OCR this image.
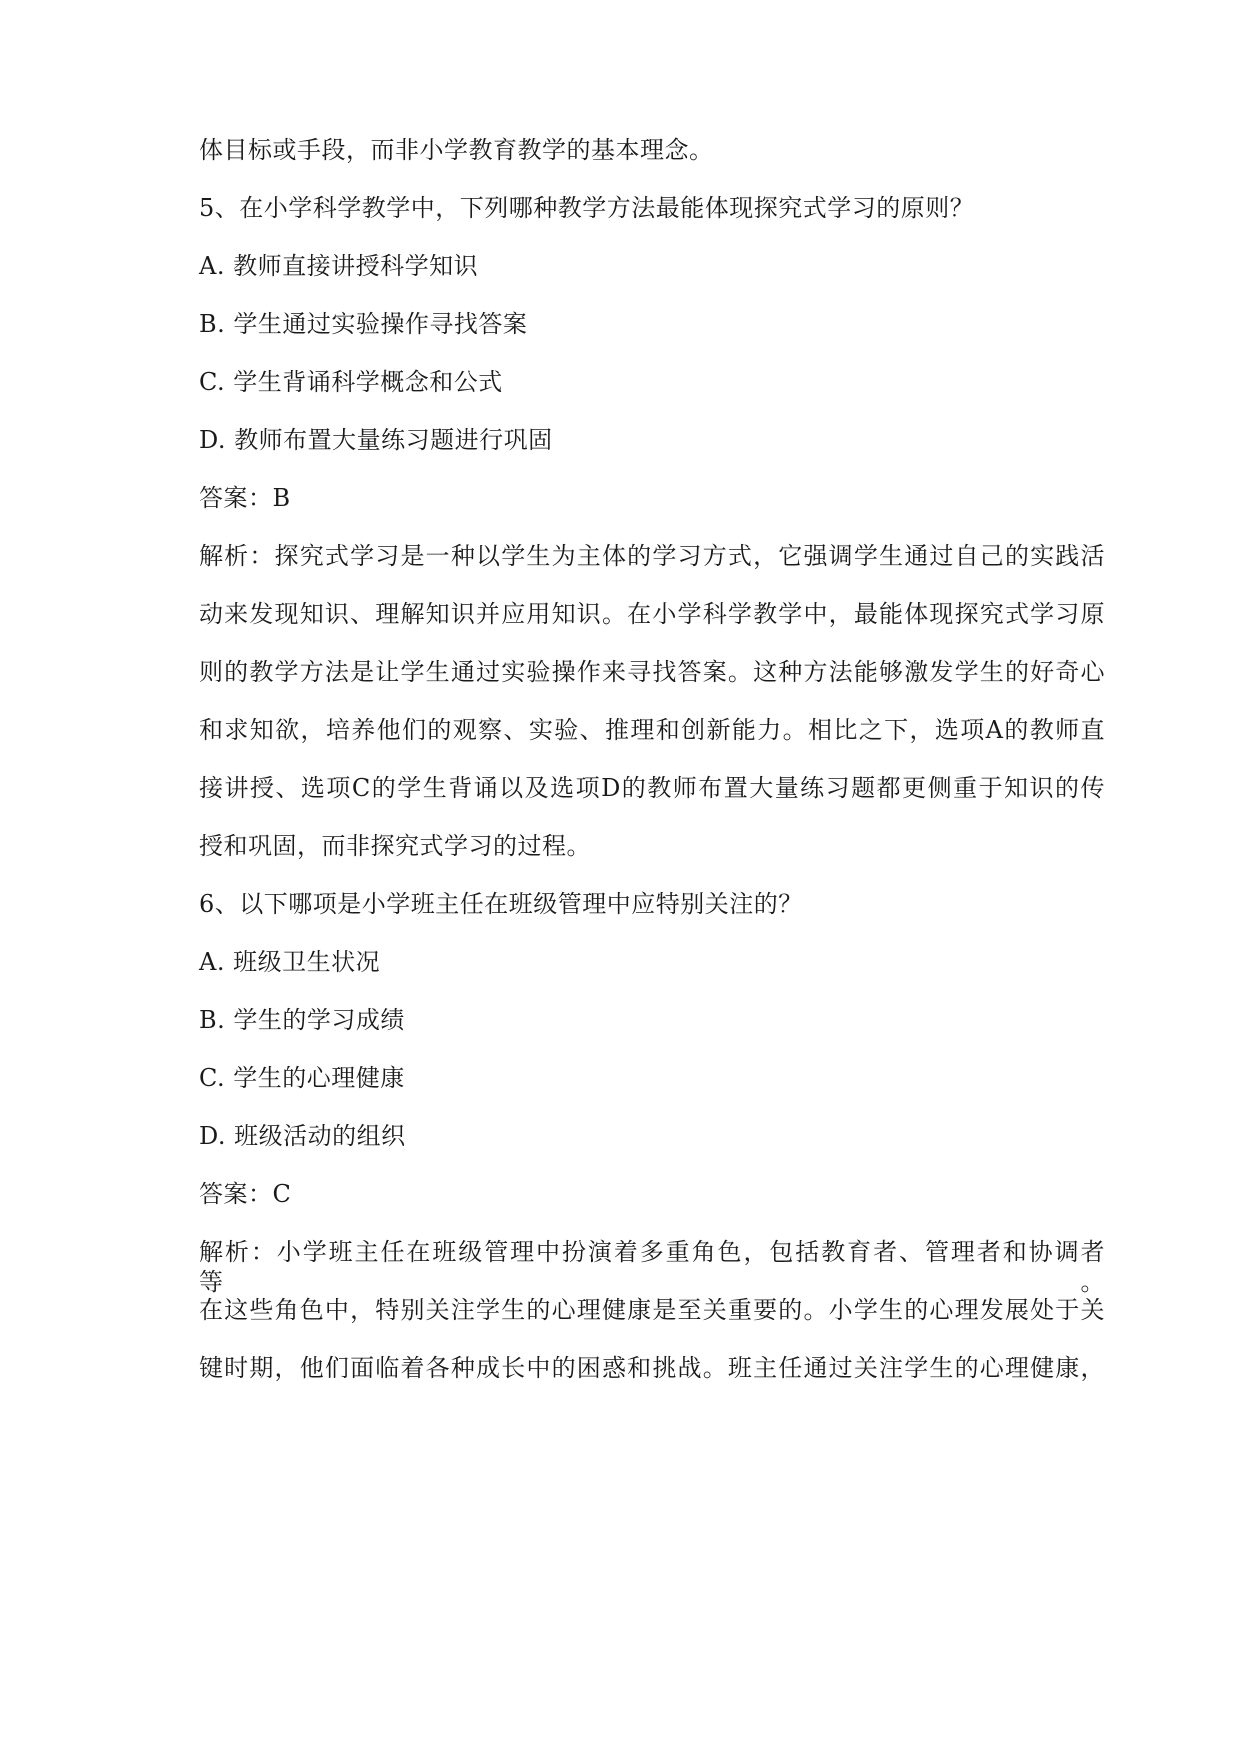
体目标或手段，而非小学教育教学的基本理念。
5、在小学科学教学中，下列哪种教学方法最能体现探究式学习的原则？
A. 教师直接讲授科学知识
B. 学生通过实验操作寻找答案
C. 学生背诵科学概念和公式
D. 教师布置大量练习题进行巩固
答案：B
解析：探究式学习是一种以学生为主体的学习方式，它强调学生通过自己的实践活
动来发现知识、理解知识并应用知识。在小学科学教学中，最能体现探究式学习原
则的教学方法是让学生通过实验操作来寻找答案。这种方法能够激发学生的好奇心
和求知欲，培养他们的观察、实验、推理和创新能力。相比之下，选项A的教师直
接讲授、选项C的学生背诵以及选项D的教师布置大量练习题都更侧重于知识的传
授和巩固，而非探究式学习的过程。
6、以下哪项是小学班主任在班级管理中应特别关注的？
A. 班级卫生状况
B. 学生的学习成绩
C. 学生的心理健康
D. 班级活动的组织
答案：C
解析：小学班主任在班级管理中扮演着多重角色，包括教育者、管理者和协调者等。
在这些角色中，特别关注学生的心理健康是至关重要的。小学生的心理发展处于关
键时期，他们面临着各种成长中的困惑和挑战。班主任通过关注学生的心理健康，
